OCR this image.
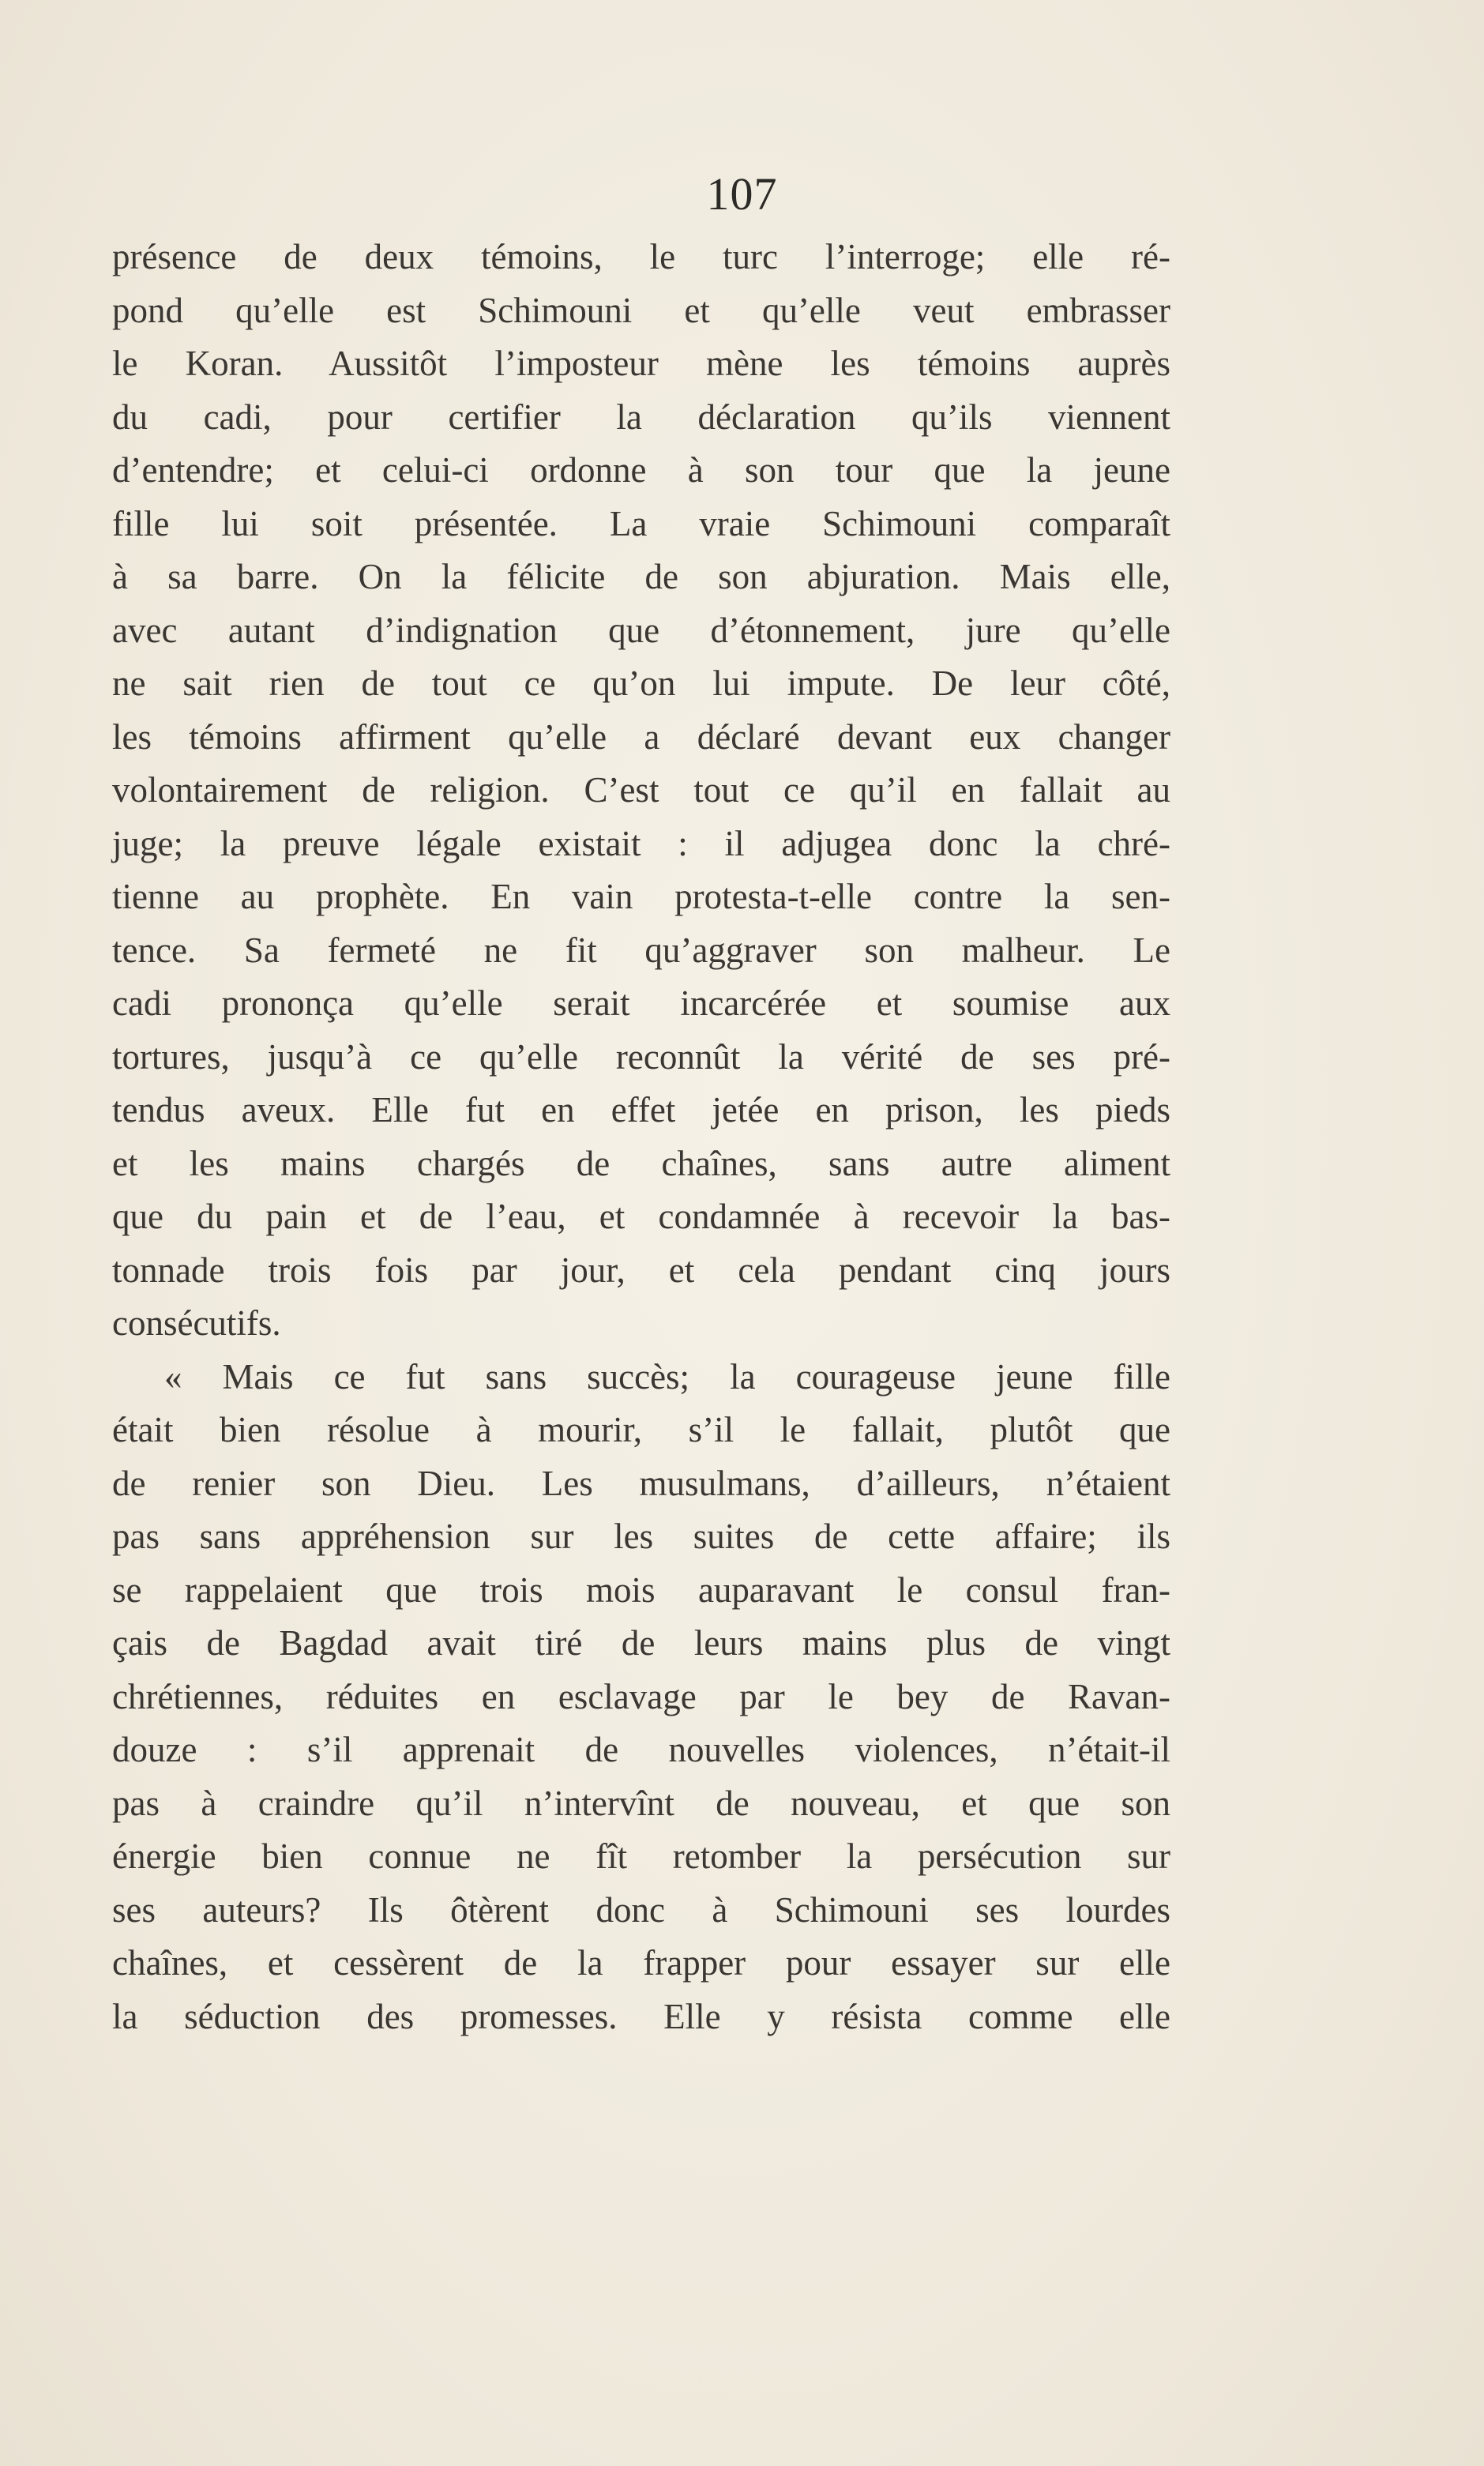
107
présence de deux témoins, le turc l’interroge; elle ré-
pond qu’elle est Schimouni et qu’elle veut embrasser
le Koran. Aussitôt l’imposteur mène les témoins auprès
du cadi, pour certifier la déclaration qu’ils viennent
d’entendre; et celui-ci ordonne à son tour que la jeune
fille lui soit présentée. La vraie Schimouni comparaît
à sa barre. On la félicite de son abjuration. Mais elle,
avec autant d’indignation que d’étonnement, jure qu’elle
ne sait rien de tout ce qu’on lui impute. De leur côté,
les témoins affirment qu’elle a déclaré devant eux changer
volontairement de religion. C’est tout ce qu’il en fallait au
juge; la preuve légale existait : il adjugea donc la chré-
tienne au prophète. En vain protesta-t-elle contre la sen-
tence. Sa fermeté ne fit qu’aggraver son malheur. Le
cadi prononça qu’elle serait incarcérée et soumise aux
tortures, jusqu’à ce qu’elle reconnût la vérité de ses pré-
tendus aveux. Elle fut en effet jetée en prison, les pieds
et les mains chargés de chaînes, sans autre aliment
que du pain et de l’eau, et condamnée à recevoir la bas-
tonnade trois fois par jour, et cela pendant cinq jours
consécutifs.
« Mais ce fut sans succès; la courageuse jeune fille
était bien résolue à mourir, s’il le fallait, plutôt que
de renier son Dieu. Les musulmans, d’ailleurs, n’étaient
pas sans appréhension sur les suites de cette affaire; ils
se rappelaient que trois mois auparavant le consul fran-
çais de Bagdad avait tiré de leurs mains plus de vingt
chrétiennes, réduites en esclavage par le bey de Ravan-
douze : s’il apprenait de nouvelles violences, n’était-il
pas à craindre qu’il n’intervînt de nouveau, et que son
énergie bien connue ne fît retomber la persécution sur
ses auteurs? Ils ôtèrent donc à Schimouni ses lourdes
chaînes, et cessèrent de la frapper pour essayer sur elle
la séduction des promesses. Elle y résista comme elle
